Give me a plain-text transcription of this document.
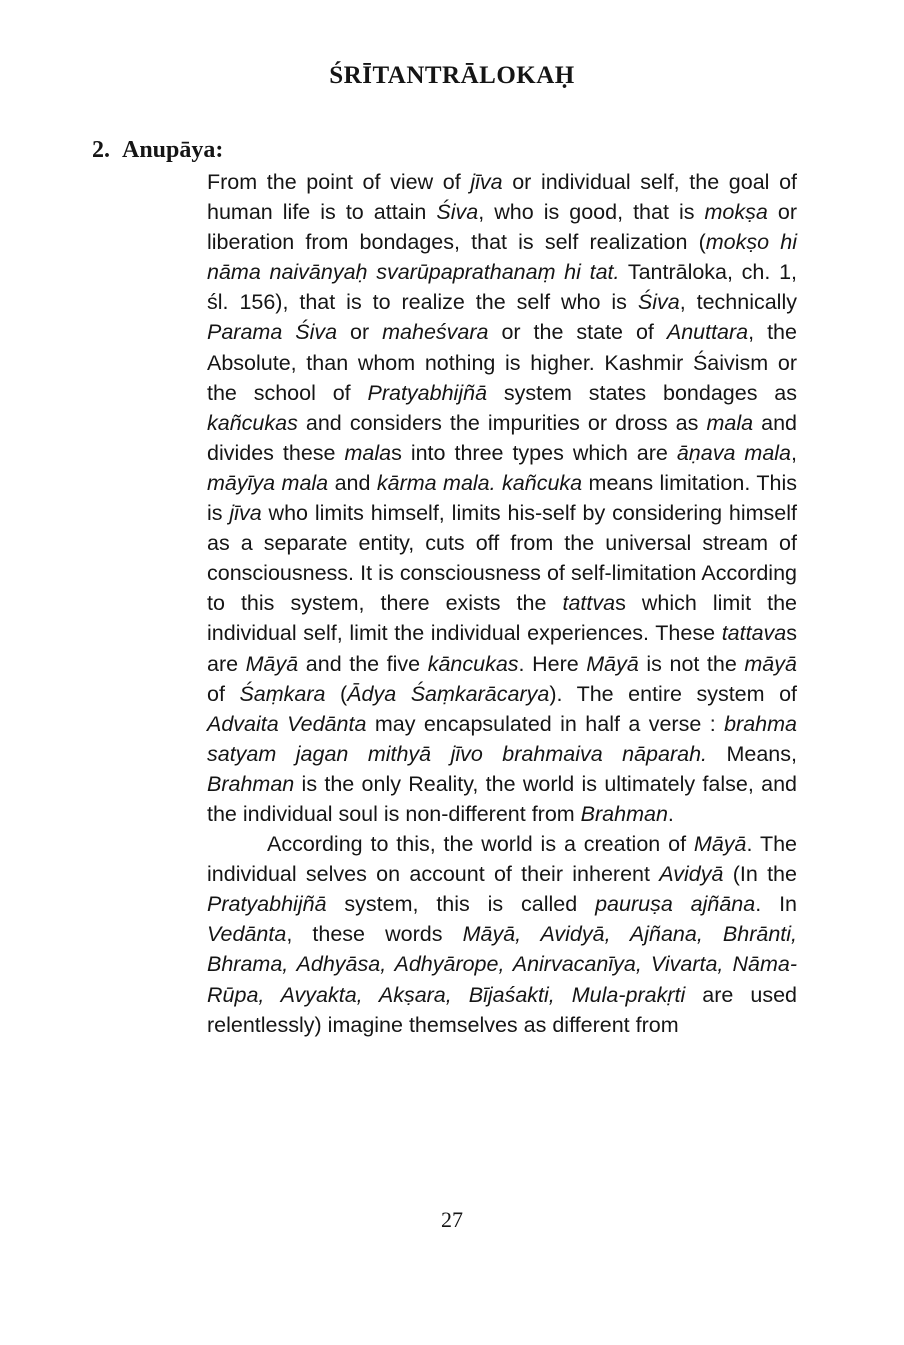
ŚRĪTANTRĀLOKAḤ
2. Anupāya:

From the point of view of jīva or individual self, the goal of human life is to attain Śiva, who is good, that is mokṣa or liberation from bondages, that is self realization (mokṣo hi nāma naivānyaḥ svarūpaprathanaṃ hi tat. Tantrāloka, ch. 1, śl. 156), that is to realize the self who is Śiva, technically Parama Śiva or maheśvara or the state of Anuttara, the Absolute, than whom nothing is higher. Kashmir Śaivism or the school of Pratyabhijñā system states bondages as kañcukas and considers the impurities or dross as mala and divides these malas into three types which are āṇava mala, māyīya mala and kārma mala. kañcuka means limitation. This is jīva who limits himself, limits his-self by considering himself as a separate entity, cuts off from the universal stream of consciousness. It is consciousness of self-limitation According to this system, there exists the tattvas which limit the individual self, limit the individual experiences. These tattavas are Māyā and the five kāncukas. Here Māyā is not the māyā of Śaṃkara (Ādya Śaṃkarācarya). The entire system of Advaita Vedānta may encapsulated in half a verse : brahma satyam jagan mithyā jīvo brahmaiva nāparah. Means, Brahman is the only Reality, the world is ultimately false, and the individual soul is non-different from Brahman.

According to this, the world is a creation of Māyā. The individual selves on account of their inherent Avidyā (In the Pratyabhijñā system, this is called pauruṣa ajñāna. In Vedānta, these words Māyā, Avidyā, Ajñana, Bhrānti, Bhrama, Adhyāsa, Adhyārope, Anirvacanīya, Vivarta, Nāma-Rūpa, Avyakta, Akṣara, Bījaśakti, Mula-prakṛti are used relentlessly) imagine themselves as different from

27
